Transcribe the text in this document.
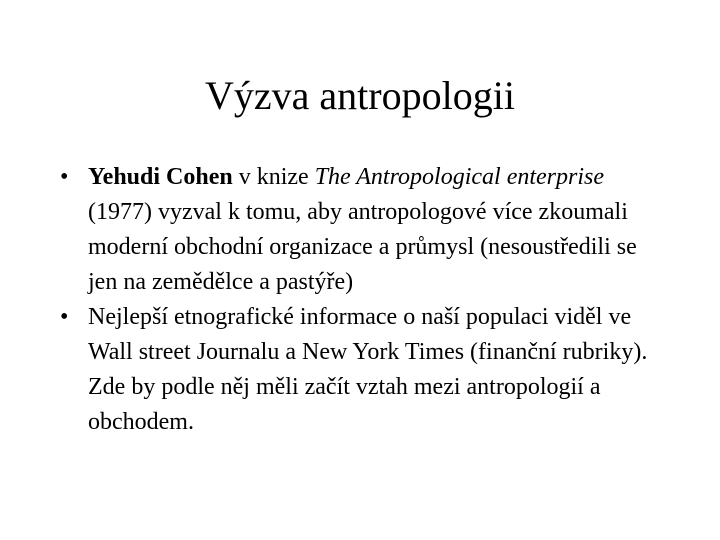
Výzva antropologii
• Yehudi Cohen v knize The Antropological enterprise (1977) vyzval k tomu, aby antropologové více zkoumali moderní obchodní organizace a průmysl (nesoustředili se jen na zemědělce a pastýře)
• Nejlepší etnografické informace o naší populaci viděl ve Wall street Journalu a New York Times (finanční rubriky). Zde by podle něj měli začít vztah mezi antropologií a obchodem.
